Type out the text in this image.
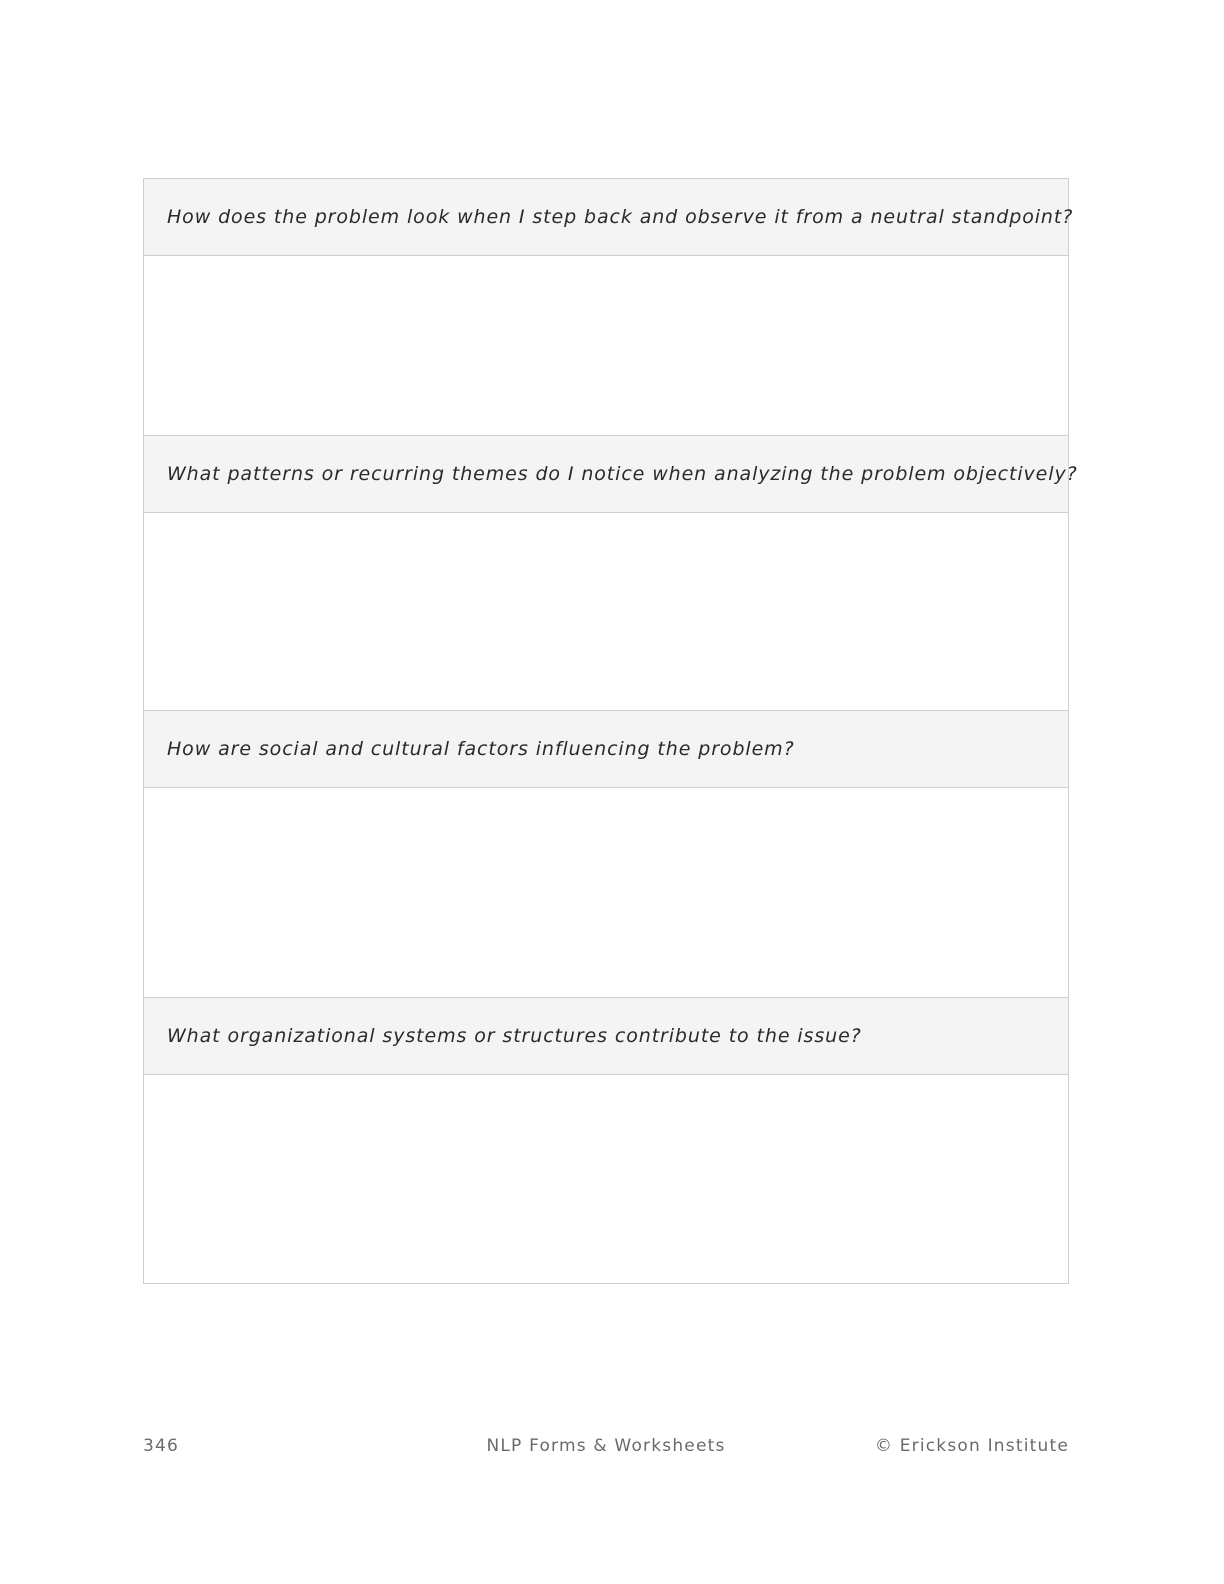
How does the problem look when I step back and observe it from a neutral standpoint?
What patterns or recurring themes do I notice when analyzing the problem objectively?
How are social and cultural factors influencing the problem?
What organizational systems or structures contribute to the issue?
346	NLP Forms & Worksheets	© Erickson Institute
